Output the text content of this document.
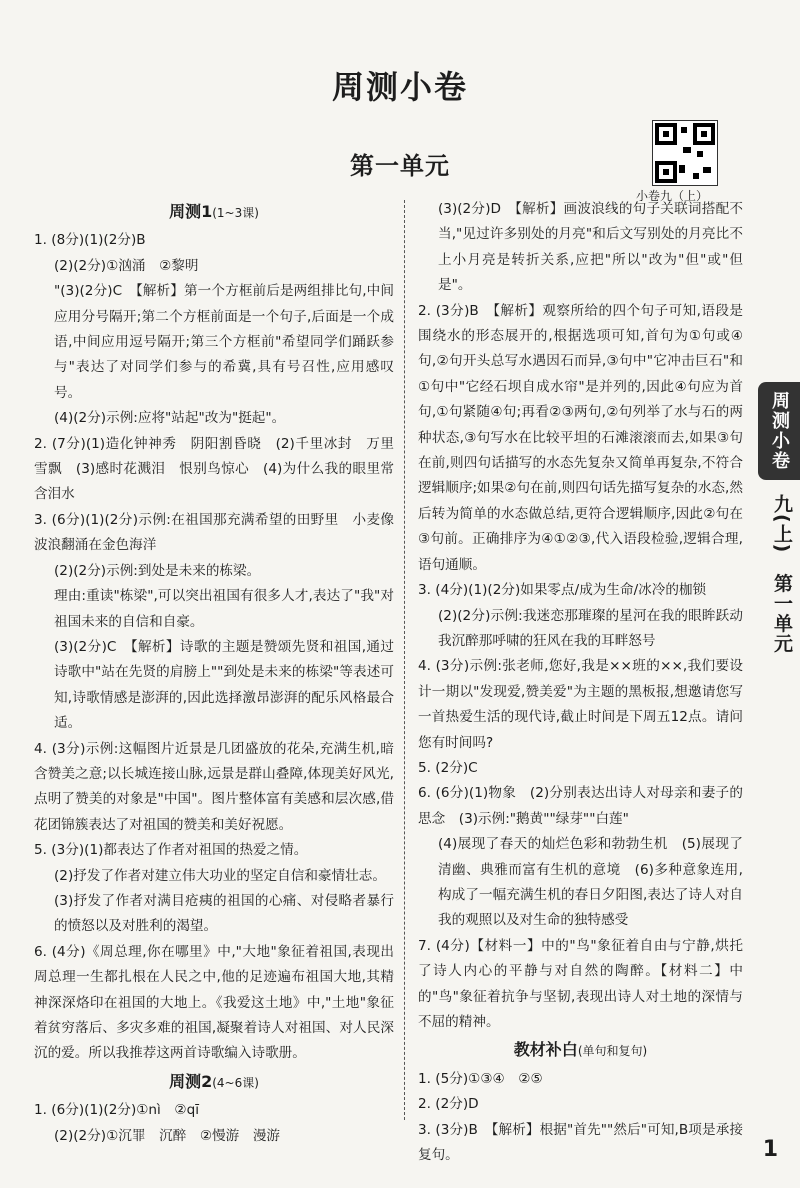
周测小卷
第一单元
小卷九（上）
周测1(1~3课)

1. (8分)(1)(2分)B

(2)(2分)①汹涌　②黎明

"(3)(2分)C　【解析】第一个方框前后是两组排比句,中间应用分号隔开;第二个方框前面是一个句子,后面是一个成语,中间应用逗号隔开;第三个方框前"希望同学们踊跃参与"表达了对同学们参与的希冀,具有号召性,应用感叹号。

(4)(2分)示例:应将"站起"改为"挺起"。

2. (7分)(1)造化钟神秀　阴阳割昏晓　(2)千里冰封　万里雪飘　(3)感时花溅泪　恨别鸟惊心　(4)为什么我的眼里常含泪水

3. (6分)(1)(2分)示例:在祖国那充满希望的田野里　小麦像波浪翻涌在金色海洋

(2)(2分)示例:到处是未来的栋梁。

理由:重读"栋梁",可以突出祖国有很多人才,表达了"我"对祖国未来的自信和自豪。

(3)(2分)C　【解析】诗歌的主题是赞颂先贤和祖国,通过诗歌中"站在先贤的肩膀上""到处是未来的栋梁"等表述可知,诗歌情感是澎湃的,因此选择激昂澎湃的配乐风格最合适。

4. (3分)示例:这幅图片近景是几团盛放的花朵,充满生机,暗含赞美之意;以长城连接山脉,远景是群山叠障,体现美好风光,点明了赞美的对象是"中国"。图片整体富有美感和层次感,借花团锦簇表达了对祖国的赞美和美好祝愿。

5. (3分)(1)都表达了作者对祖国的热爱之情。

(2)抒发了作者对建立伟大功业的坚定自信和豪情壮志。

(3)抒发了作者对满目疮痍的祖国的心痛、对侵略者暴行的愤怒以及对胜利的渴望。

6. (4分)《周总理,你在哪里》中,"大地"象征着祖国,表现出周总理一生都扎根在人民之中,他的足迹遍布祖国大地,其精神深深烙印在祖国的大地上。《我爱这土地》中,"土地"象征着贫穷落后、多灾多难的祖国,凝聚着诗人对祖国、对人民深沉的爱。所以我推荐这两首诗歌编入诗歌册。

周测2(4~6课)

1. (6分)(1)(2分)①nì　②qī

(2)(2分)①沉罪　沉醉　②慢游　漫游

(3)(2分)D　【解析】画波浪线的句子关联词搭配不当,"见过许多别处的月亮"和后文写别处的月亮比不上小月亮是转折关系,应把"所以"改为"但"或"但是"。

2. (3分)B　【解析】观察所给的四个句子可知,语段是围绕水的形态展开的,根据选项可知,首句为①句或④句,②句开头总写水遇因石而异,③句中"它冲击巨石"和①句中"它经石坝自成水帘"是并列的,因此④句应为首句,①句紧随④句;再看②③两句,②句列举了水与石的两种状态,③句写水在比较平坦的石滩滚滚而去,如果③句在前,则四句话描写的水态先复杂又简单再复杂,不符合逻辑顺序;如果②句在前,则四句话先描写复杂的水态,然后转为简单的水态做总结,更符合逻辑顺序,因此②句在③句前。正确排序为④①②③,代入语段检验,逻辑合理,语句通顺。

3. (4分)(1)(2分)如果零点/成为生命/冰冷的枷锁

(2)(2分)示例:我迷恋那璀璨的星河在我的眼眸跃动　我沉醉那呼啸的狂风在我的耳畔怒号

4. (3分)示例:张老师,您好,我是××班的××,我们要设计一期以"发现爱,赞美爱"为主题的黑板报,想邀请您写一首热爱生活的现代诗,截止时间是下周五12点。请问您有时间吗?

5. (2分)C

6. (6分)(1)物象　(2)分别表达出诗人对母亲和妻子的思念　(3)示例:"鹅黄""绿芽""白莲"

(4)展现了春天的灿烂色彩和勃勃生机　(5)展现了清幽、典雅而富有生机的意境　(6)多种意象连用,构成了一幅充满生机的春日夕阳图,表达了诗人对自我的观照以及对生命的独特感受

7. (4分)【材料一】中的"鸟"象征着自由与宁静,烘托了诗人内心的平静与对自然的陶醉。【材料二】中的"鸟"象征着抗争与坚韧,表现出诗人对土地的深情与不屈的精神。

教材补白(单句和复句)

1. (5分)①③④　②⑤

2. (2分)D

3. (3分)B　【解析】根据"首先""然后"可知,B项是承接复句。

周测小卷
九(上)　第一单元
1
